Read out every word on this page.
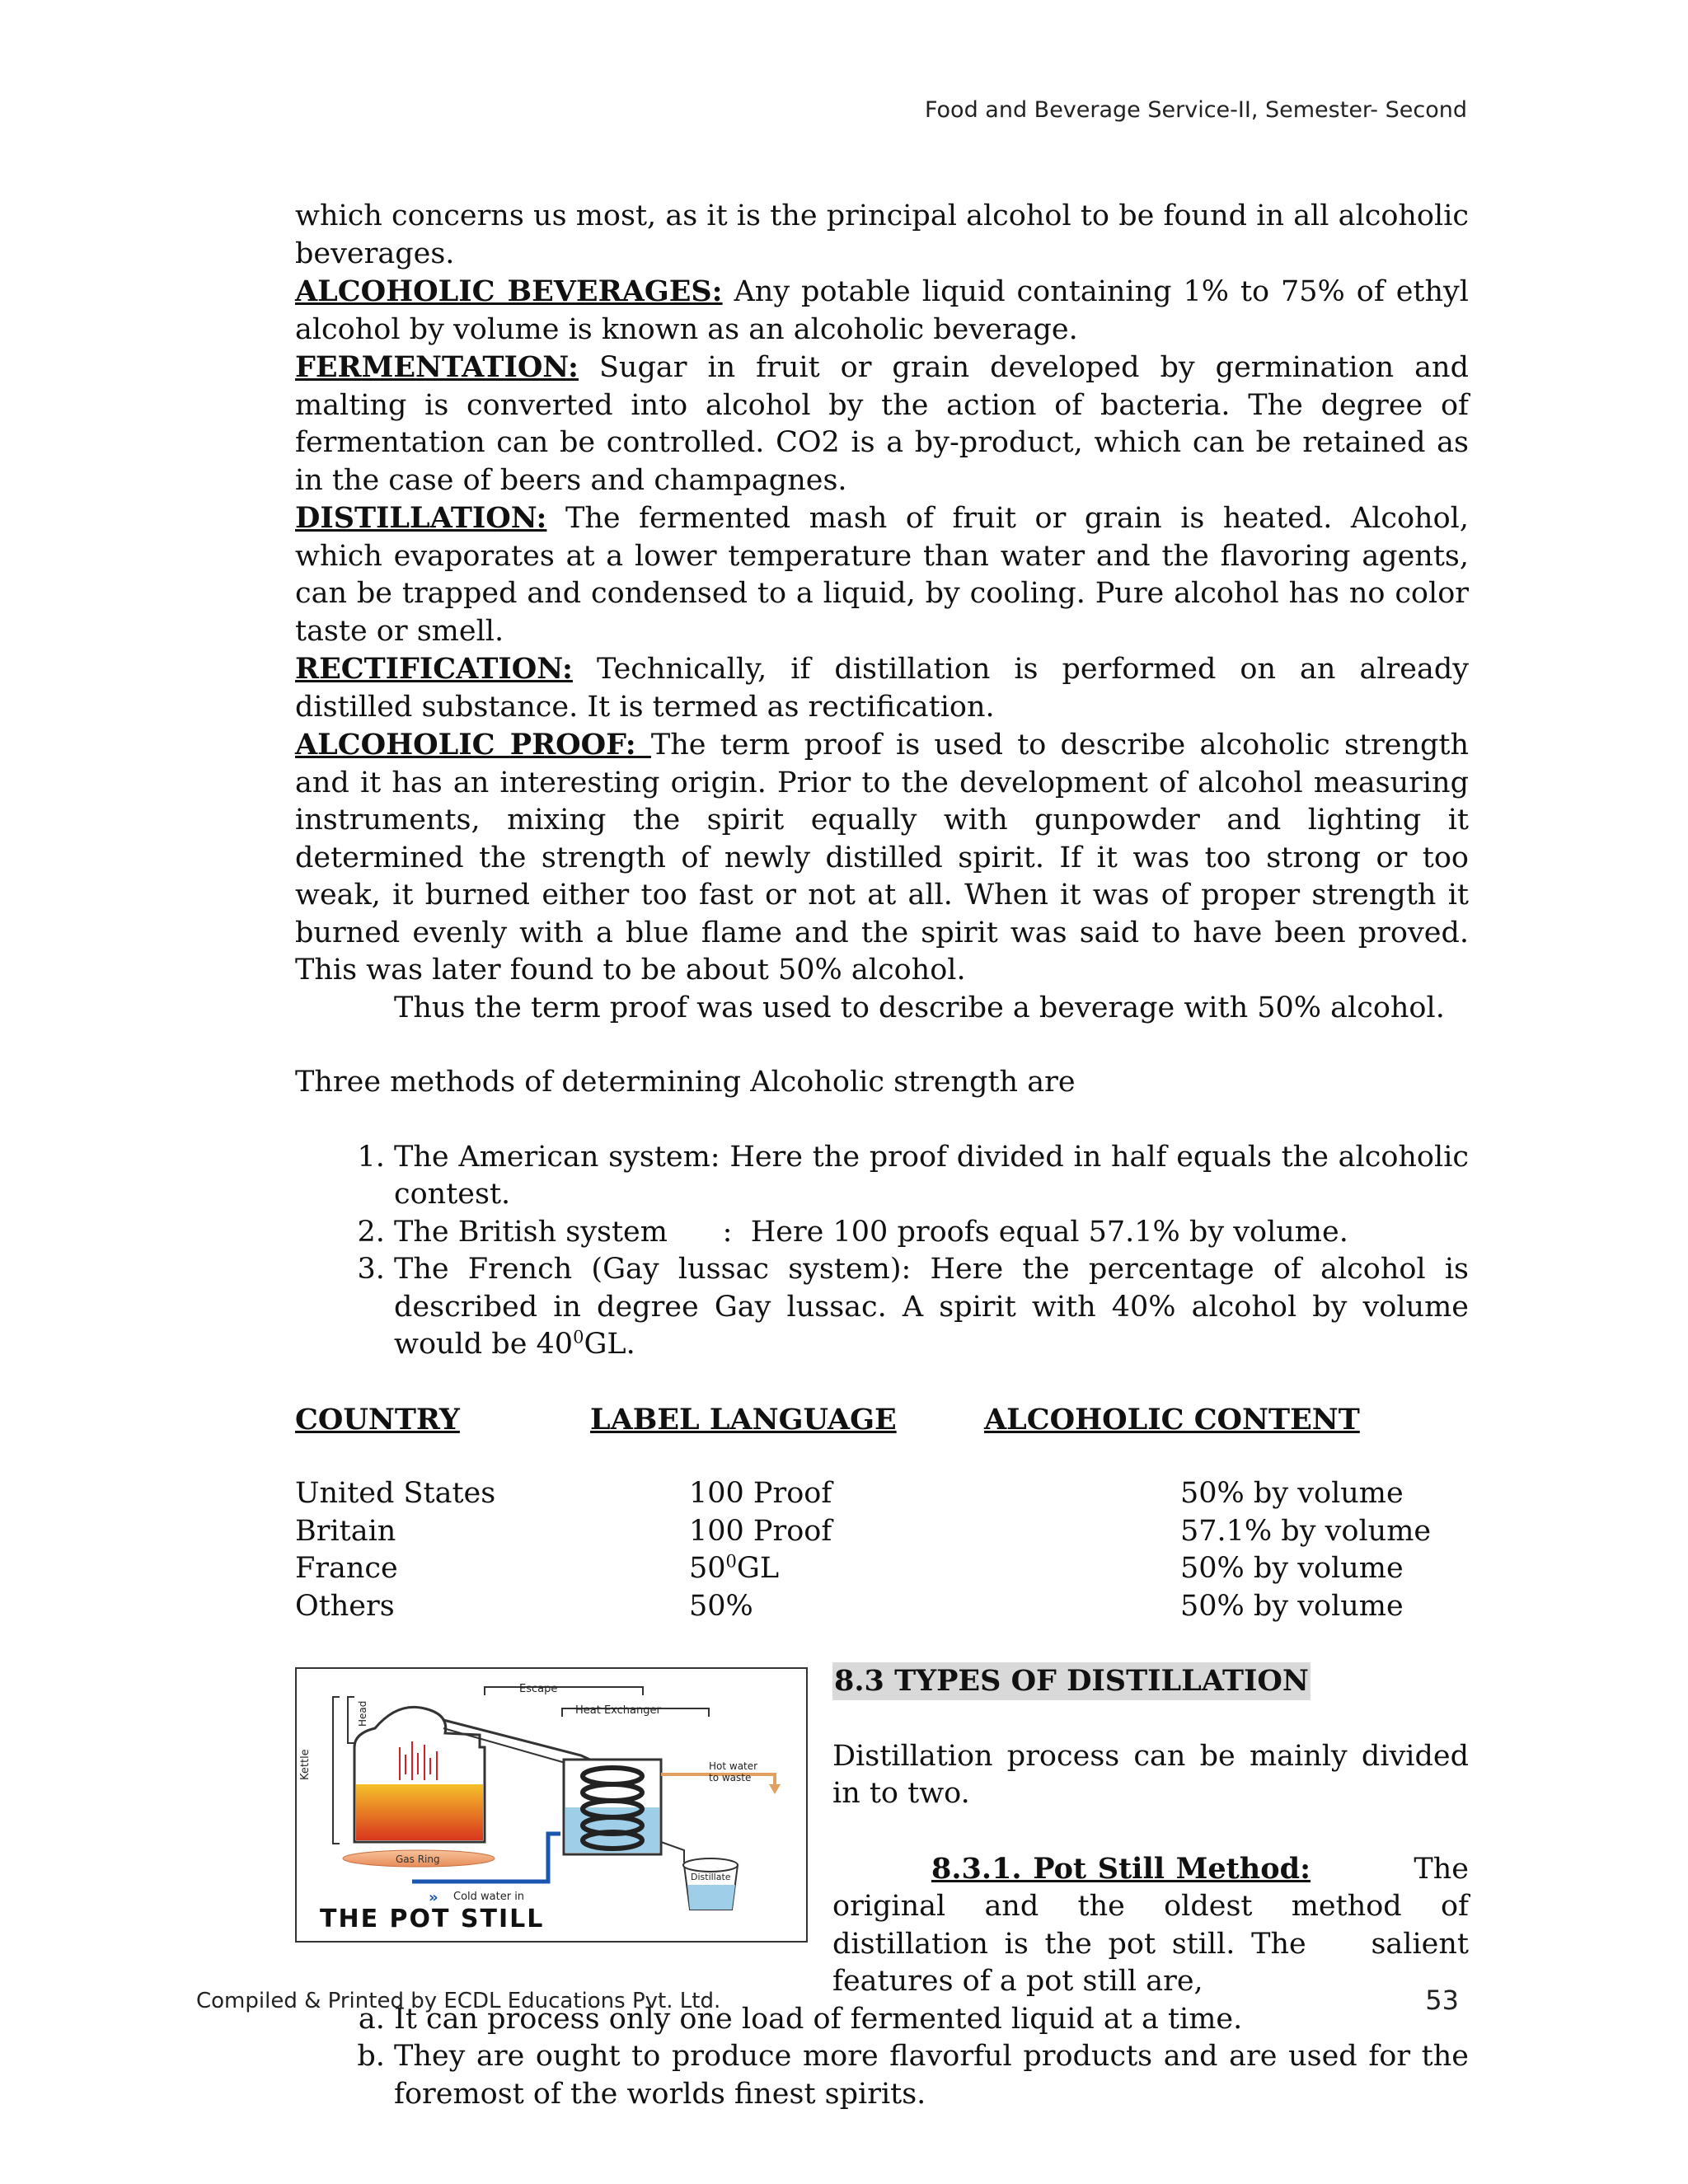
Food and Beverage Service-II, Semester- Second

which concerns us most, as it is the principal alcohol to be found in all alcoholic beverages.

ALCOHOLIC BEVERAGES: Any potable liquid containing 1% to 75% of ethyl alcohol by volume is known as an alcoholic beverage.

FERMENTATION: Sugar in fruit or grain developed by germination and malting is converted into alcohol by the action of bacteria. The degree of fermentation can be controlled. CO2 is a by-product, which can be retained as in the case of beers and champagnes.

DISTILLATION: The fermented mash of fruit or grain is heated. Alcohol, which evaporates at a lower temperature than water and the flavoring agents, can be trapped and condensed to a liquid, by cooling. Pure alcohol has no color taste or smell.

RECTIFICATION: Technically, if distillation is performed on an already distilled substance. It is termed as rectification.

ALCOHOLIC PROOF: The term proof is used to describe alcoholic strength and it has an interesting origin. Prior to the development of alcohol measuring instruments, mixing the spirit equally with gunpowder and lighting it determined the strength of newly distilled spirit. If it was too strong or too weak, it burned either too fast or not at all. When it was of proper strength it burned evenly with a blue flame and the spirit was said to have been proved. This was later found to be about 50% alcohol.

Thus the term proof was used to describe a beverage with 50% alcohol.

Three methods of determining Alcoholic strength are

1. The American system: Here the proof divided in half equals the alcoholic contest.
2. The British system      :  Here 100 proofs equal 57.1% by volume.
3. The French (Gay lussac system): Here the percentage of alcohol is described in degree Gay lussac. A spirit with 40% alcohol by volume would be $40^0GL$.
COUNTRY	LABEL LANGUAGE	ALCOHOLIC CONTENT
United States	100 Proof	50% by volume
Britain	100 Proof	57.1% by volume
France	$50^0GL$	50% by volume
Others	50%	50% by volume
Escape
Heat Exchanger
Kettle
Head
Hot water
to waste
Cold water in
»
Gas Ring
Distillate
THE POT STILL

8.3 TYPES OF DISTILLATION

Distillation process can be mainly divided in to two.

8.3.1. Pot Still Method:          The original and the oldest method of distillation is the pot still. The    salient features of a pot still are,

a. It can process only one load of fermented liquid at a time.
b. They are ought to produce more flavorful products and are used for the foremost of the worlds finest spirits.
Compiled & Printed by ECDL Educations Pvt. Ltd.	53
